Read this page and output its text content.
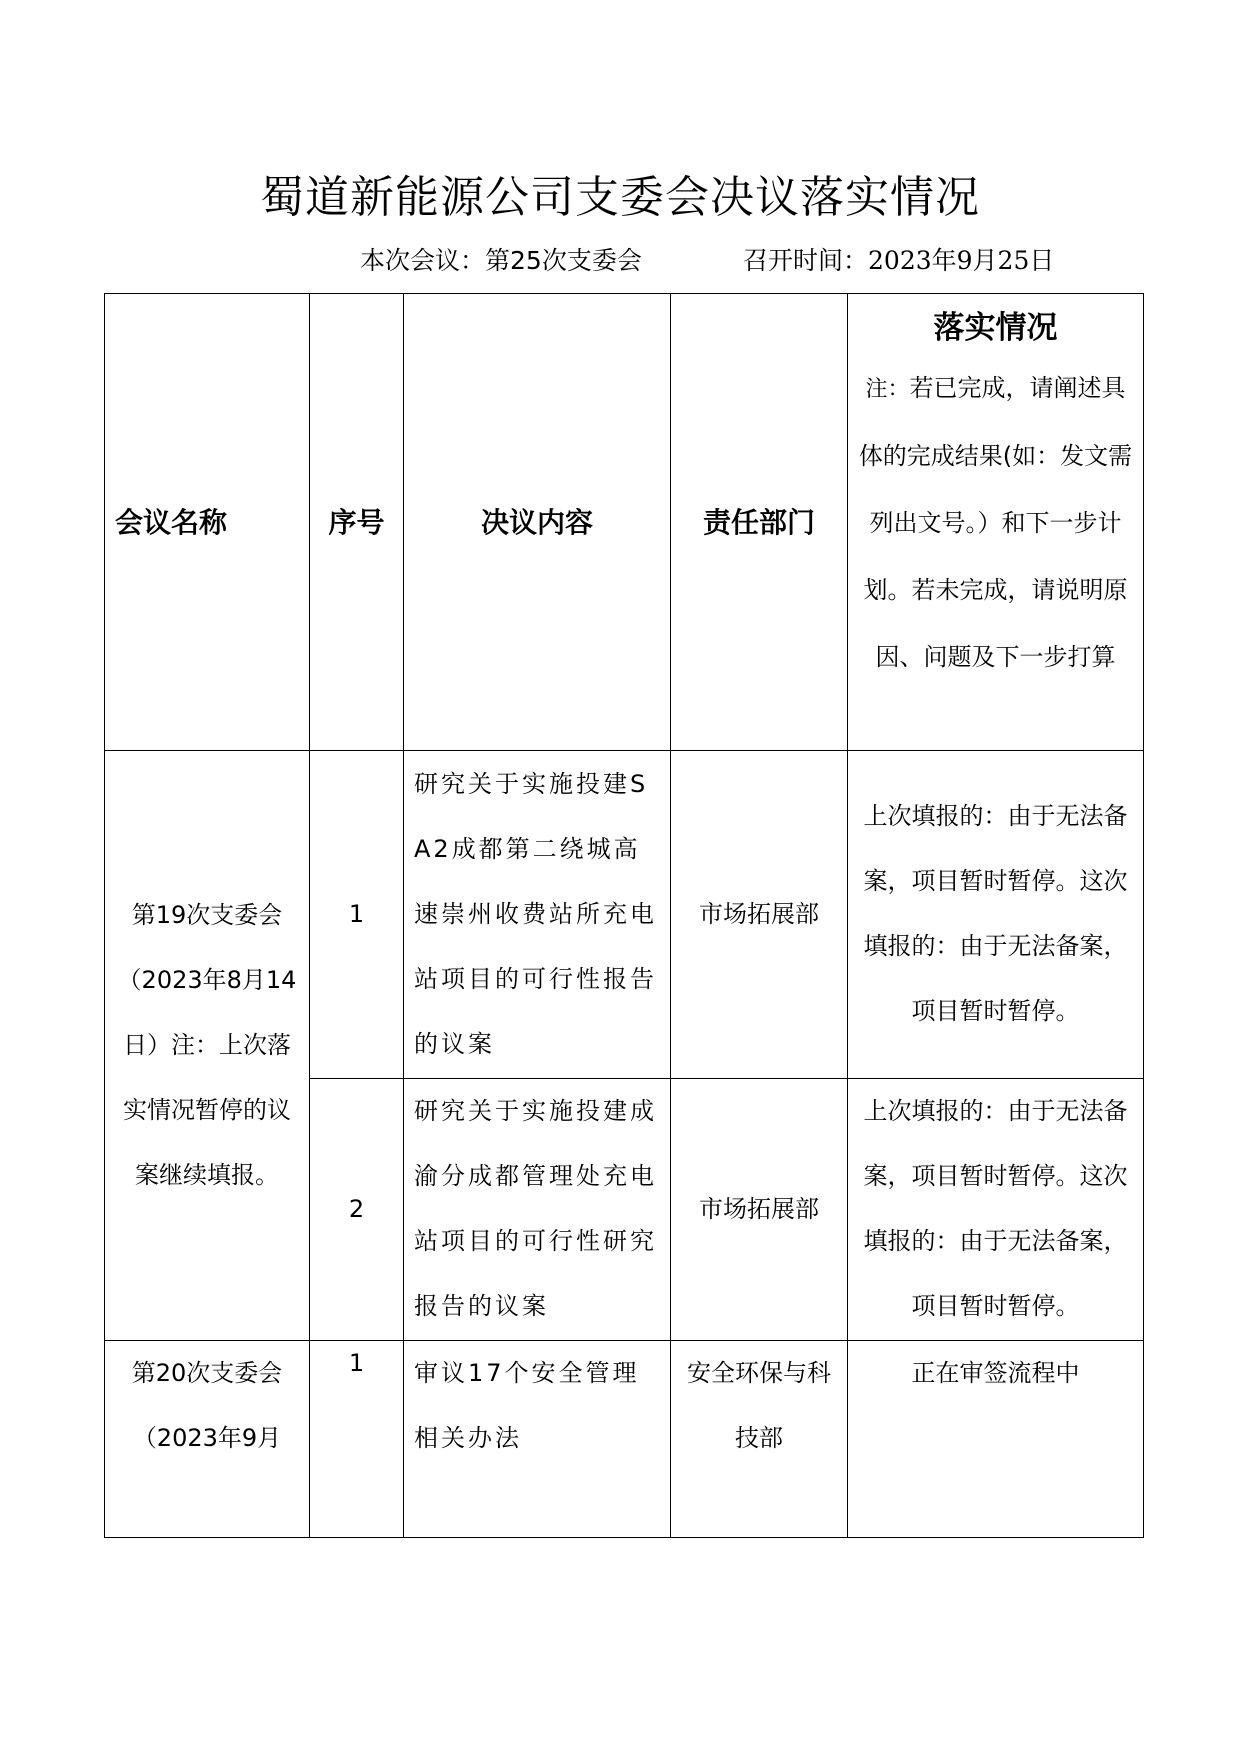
蜀道新能源公司支委会决议落实情况
本次会议：第25次支委会	召开时间：2023年9月25日
会议名称	序号	决议内容	责任部门	落实情况
注：若已完成，请阐述具体的完成结果(如：发文需列出文号。）和下一步计划。若未完成，请说明原因、问题及下一步打算
第19次支委会（2023年8月14日）注：上次落实情况暂停的议案继续填报。	1	研究关于实施投建SA2成都第二绕城高速崇州收费站所充电站项目的可行性报告的议案	市场拓展部	上次填报的：由于无法备案，项目暂时暂停。这次填报的：由于无法备案，项目暂时暂停。
	2	研究关于实施投建成渝分成都管理处充电站项目的可行性研究报告的议案	市场拓展部	上次填报的：由于无法备案，项目暂时暂停。这次填报的：由于无法备案，项目暂时暂停。
第20次支委会（2023年9月	1	审议17个安全管理相关办法	安全环保与科技部	正在审签流程中
